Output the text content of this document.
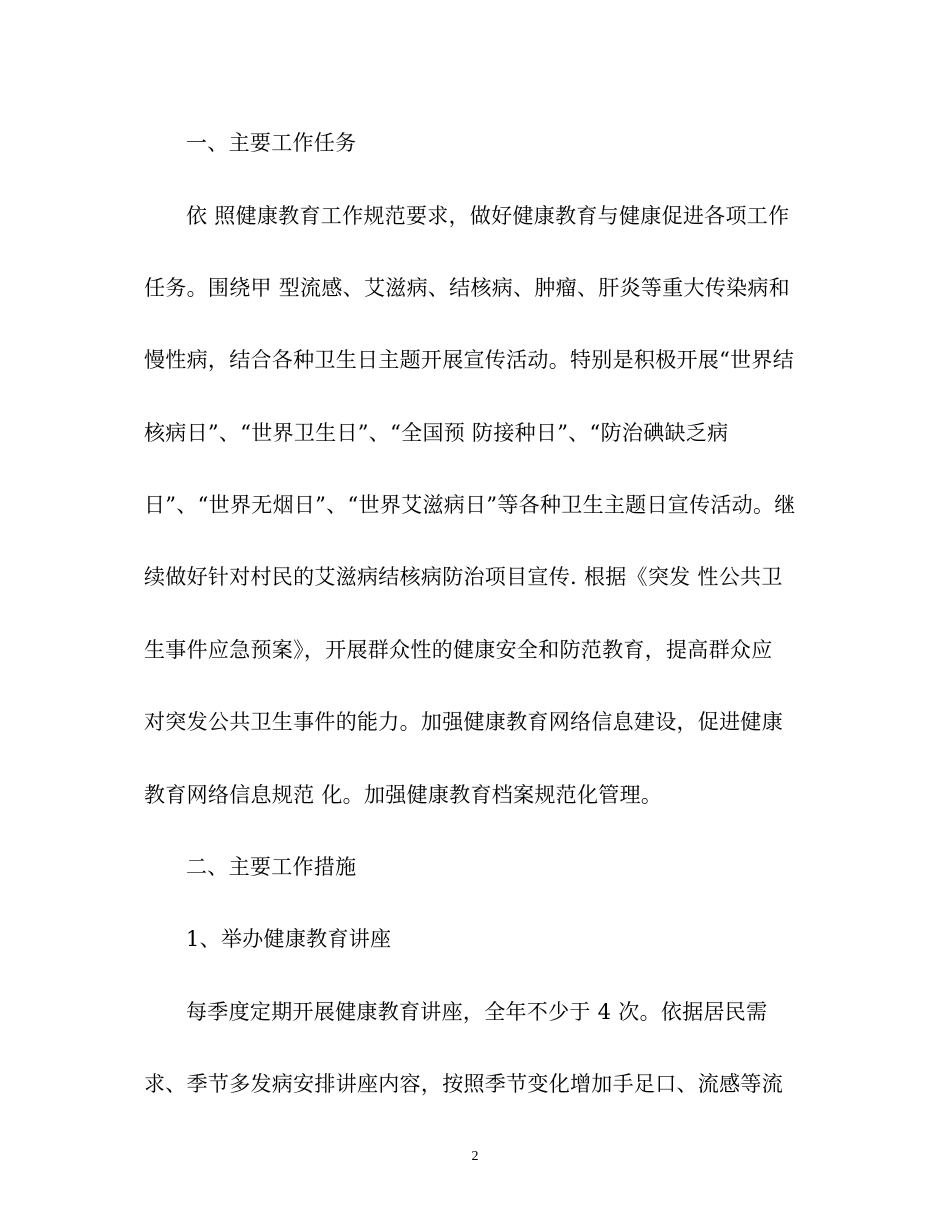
一、主要工作任务
依 照健康教育工作规范要求，做好健康教育与健康促进各项工作
任务。围绕甲 型流感、艾滋病、结核病、肿瘤、肝炎等重大传染病和
慢性病，结合各种卫生日主题开展宣传活动。特别是积极开展“世界结
核病日”、“世界卫生日”、“全国预 防接种日”、“防治碘缺乏病
日”、“世界无烟日”、“世界艾滋病日”等各种卫生主题日宣传活动。继
续做好针对村民的艾滋病结核病防治项目宣传. 根据《突发 性公共卫
生事件应急预案》，开展群众性的健康安全和防范教育，提高群众应
对突发公共卫生事件的能力。加强健康教育网络信息建设，促进健康
教育网络信息规范 化。加强健康教育档案规范化管理。
二、主要工作措施
1、举办健康教育讲座
每季度定期开展健康教育讲座，全年不少于 4 次。依据居民需
求、季节多发病安排讲座内容，按照季节变化增加手足口、流感等流
2
